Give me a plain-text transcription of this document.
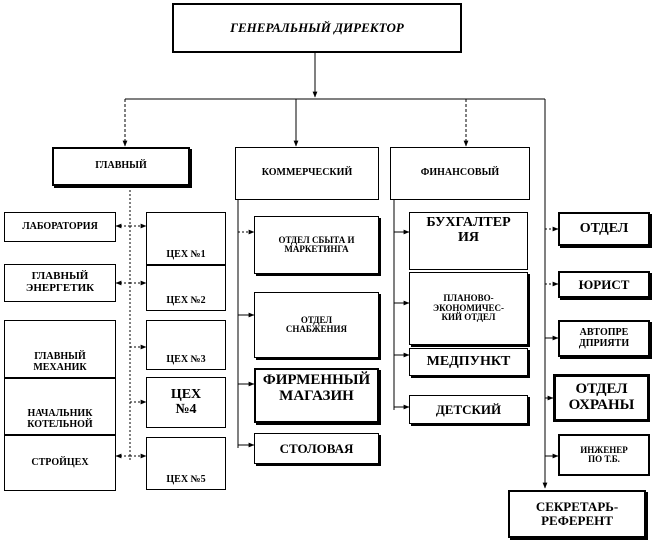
ГЕНЕРАЛЬНЫЙ ДИРЕКТОР
ГЛАВНЫЙ
КОММЕРЧЕСКИЙ	ФИНАНСОВЫЙ
ЛАБОРАТОРИЯ
ГЛАВНЫЙ
ЭНЕРГЕТИК
ГЛАВНЫЙ
МЕХАНИК
НАЧАЛЬНИК
КОТЕЛЬНОЙ
СТРОЙЦЕХ
ЦЕХ №1
ЦЕХ №2
ЦЕХ №3
ЦЕХ
№4
ЦЕХ №5
ОТДЕЛ СБЫТА И
МАРКЕТИНГА
ОТДЕЛ
СНАБЖЕНИЯ
ФИРМЕННЫЙ
МАГАЗИН
СТОЛОВАЯ
БУХГАЛТЕР
ИЯ
ПЛАНОВО-
ЭКОНОМИЧЕС-
КИЙ ОТДЕЛ
МЕДПУНКТ
ДЕТСКИЙ
ОТДЕЛ
ЮРИСТ
АВТОПРЕ
ДПРИЯТИ
ОТДЕЛ
ОХРАНЫ
ИНЖЕНЕР
ПО Т.Б.
СЕКРЕТАРЬ-
РЕФЕРЕНТ
